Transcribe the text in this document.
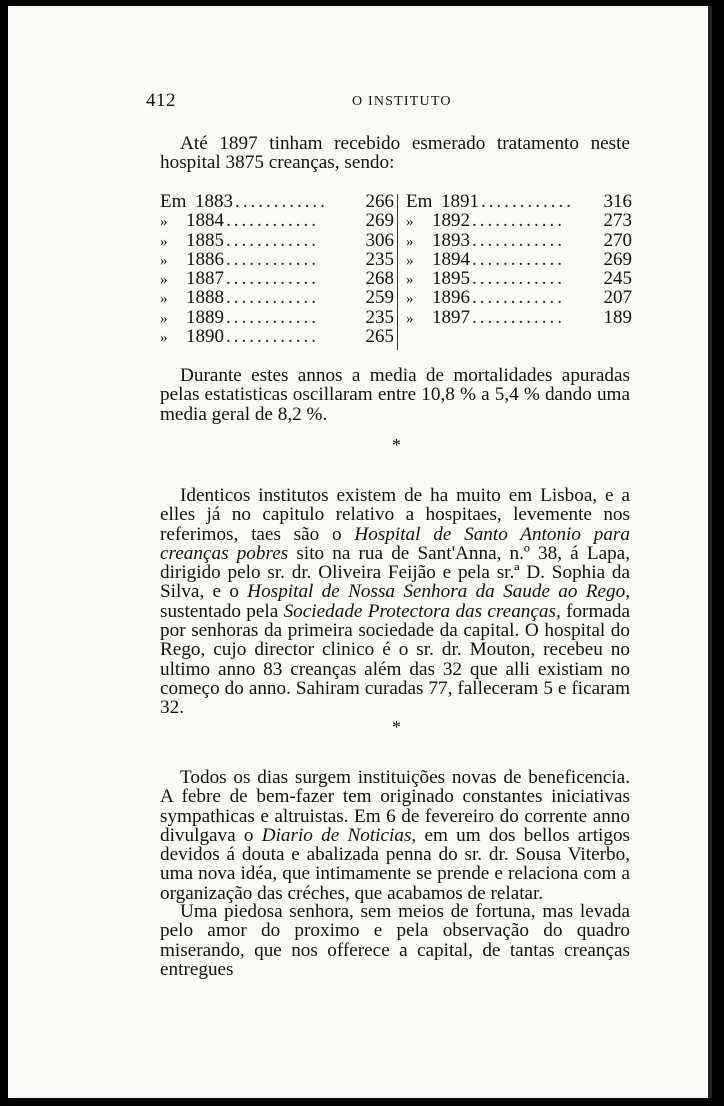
412	O INSTITUTO

Até 1897 tinham recebido esmerado tratamento neste hospital 3875 creanças, sendo:

Em 1883 ............	266
» 1884 ............	269
» 1885 ............	306
» 1886 ............	235
» 1887 ............	268
» 1888 ............	259
» 1889 ............	235
» 1890 ............	265
Em 1891 ............	316
» 1892 ............	273
» 1893 ............	270
» 1894 ............	269
» 1895 ............	245
» 1896 ............	207
» 1897 ............	189

Durante estes annos a media de mortalidades apuradas pelas estatisticas oscillaram entre 10,8 % a 5,4 % dando uma media geral de 8,2 %.

*

Identicos institutos existem de ha muito em Lisboa, e a elles já no capitulo relativo a hospitaes, levemente nos referimos, taes são o Hospital de Santo Antonio para creanças pobres sito na rua de Sant'Anna, n.º 38, á Lapa, dirigido pelo sr. dr. Oliveira Feijão e pela sr.ª D. Sophia da Silva, e o Hospital de Nossa Senhora da Saude ao Rego, sustentado pela Sociedade Protectora das creanças, formada por senhoras da primeira sociedade da capital. O hospital do Rego, cujo director clinico é o sr. dr. Mouton, recebeu no ultimo anno 83 creanças além das 32 que alli existiam no começo do anno. Sahiram curadas 77, falleceram 5 e ficaram 32.

*

Todos os dias surgem instituições novas de beneficencia. A febre de bem-fazer tem originado constantes iniciativas sympathicas e altruistas. Em 6 de fevereiro do corrente anno divulgava o Diario de Noticias, em um dos bellos artigos devidos á douta e abalizada penna do sr. dr. Sousa Viterbo, uma nova idéa, que intimamente se prende e relaciona com a organização das créches, que acabamos de relatar.

Uma piedosa senhora, sem meios de fortuna, mas levada pelo amor do proximo e pela observação do quadro miserando, que nos offerece a capital, de tantas creanças entregues
